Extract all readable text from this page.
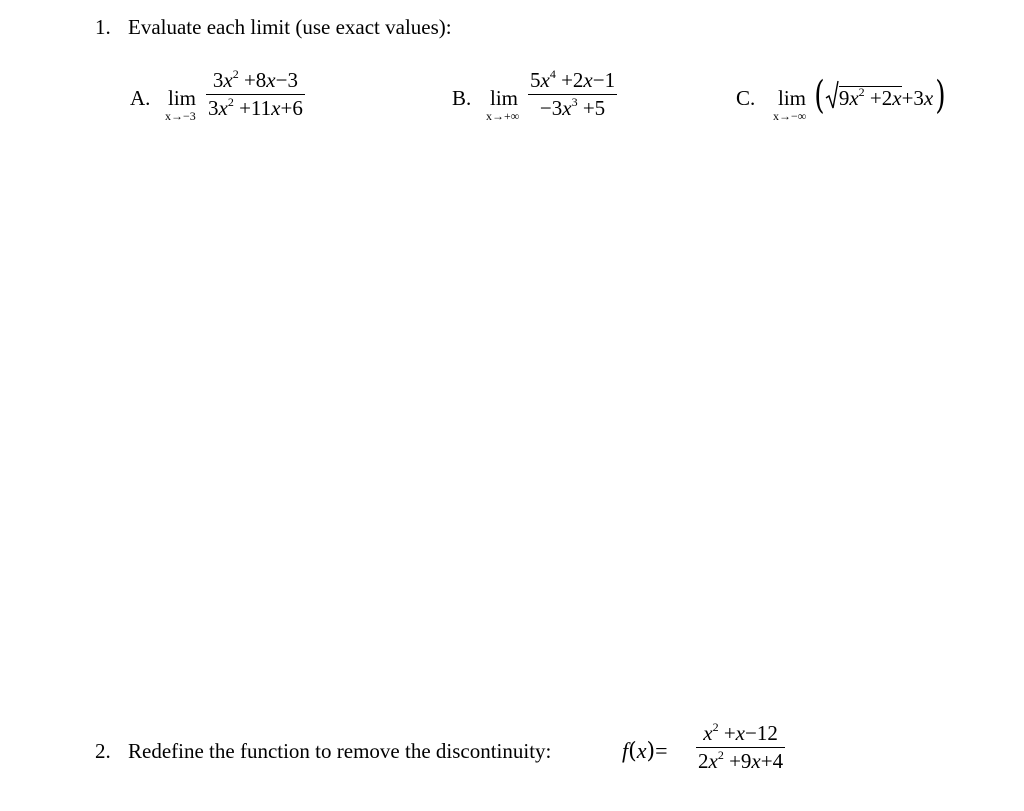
1. Evaluate each limit (use exact values):
A. lim
x→−3
$3x^2 +8x-3$
$3x^2 +11x+6$	B. lim
x→+∞
$5x^4 +2x-1$
$-3x^3 +5$	C. lim
x→−∞ ( $9x^2 +2x +3x$ )
2. Redefine the function to remove the discontinuity:	f(x)=
$x^2 +x-12$
$2x^2 +9x+4$
